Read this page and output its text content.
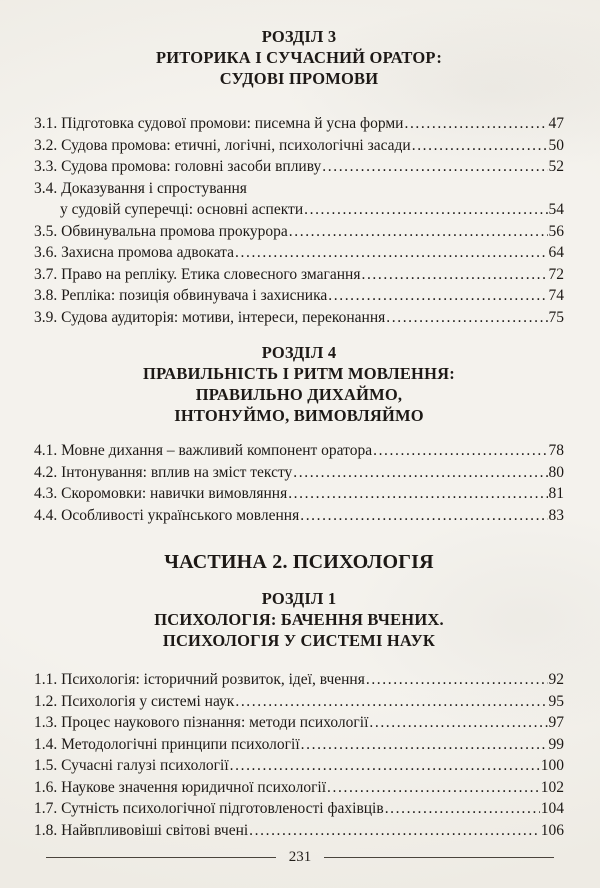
РОЗДІЛ 3
РИТОРИКА І СУЧАСНИЙ ОРАТОР:
СУДОВІ ПРОМОВИ
3.1. Підготовка судової промови: писемна й усна форми .....	47
3.2. Судова промова: етичні, логічні, психологічні засади .....	50
3.3. Судова промова: головні засоби впливу .....	52
3.4. Доказування і спростування
у судовій суперечці: основні аспекти .....	54
3.5. Обвинувальна промова прокурора .....	56
3.6. Захисна промова адвоката .....	64
3.7. Право на репліку. Етика словесного змагання .....	72
3.8. Репліка: позиція обвинувача і захисника .....	74
3.9. Судова аудиторія: мотиви, інтереси, переконання .....	75
РОЗДІЛ 4
ПРАВИЛЬНІСТЬ І РИТМ МОВЛЕННЯ:
ПРАВИЛЬНО ДИХАЙМО,
ІНТОНУЙМО, ВИМОВЛЯЙМО
4.1. Мовне дихання – важливий компонент оратора .....	78
4.2. Інтонування: вплив на зміст тексту .....	80
4.3. Скоромовки: навички вимовляння .....	81
4.4. Особливості українського мовлення .....	83
ЧАСТИНА 2. ПСИХОЛОГІЯ
РОЗДІЛ 1
ПСИХОЛОГІЯ: БАЧЕННЯ ВЧЕНИХ.
ПСИХОЛОГІЯ У СИСТЕМІ НАУК
1.1. Психологія: історичний розвиток, ідеї, вчення .....	92
1.2. Психологія у системі наук .....	95
1.3. Процес наукового пізнання: методи психології .....	97
1.4. Методологічні принципи психології .....	99
1.5. Сучасні галузі психології .....	100
1.6. Наукове значення юридичної психології .....	102
1.7. Сутність психологічної підготовленості фахівців .....	104
1.8. Найвпливовіші світові вчені .....	106
231
